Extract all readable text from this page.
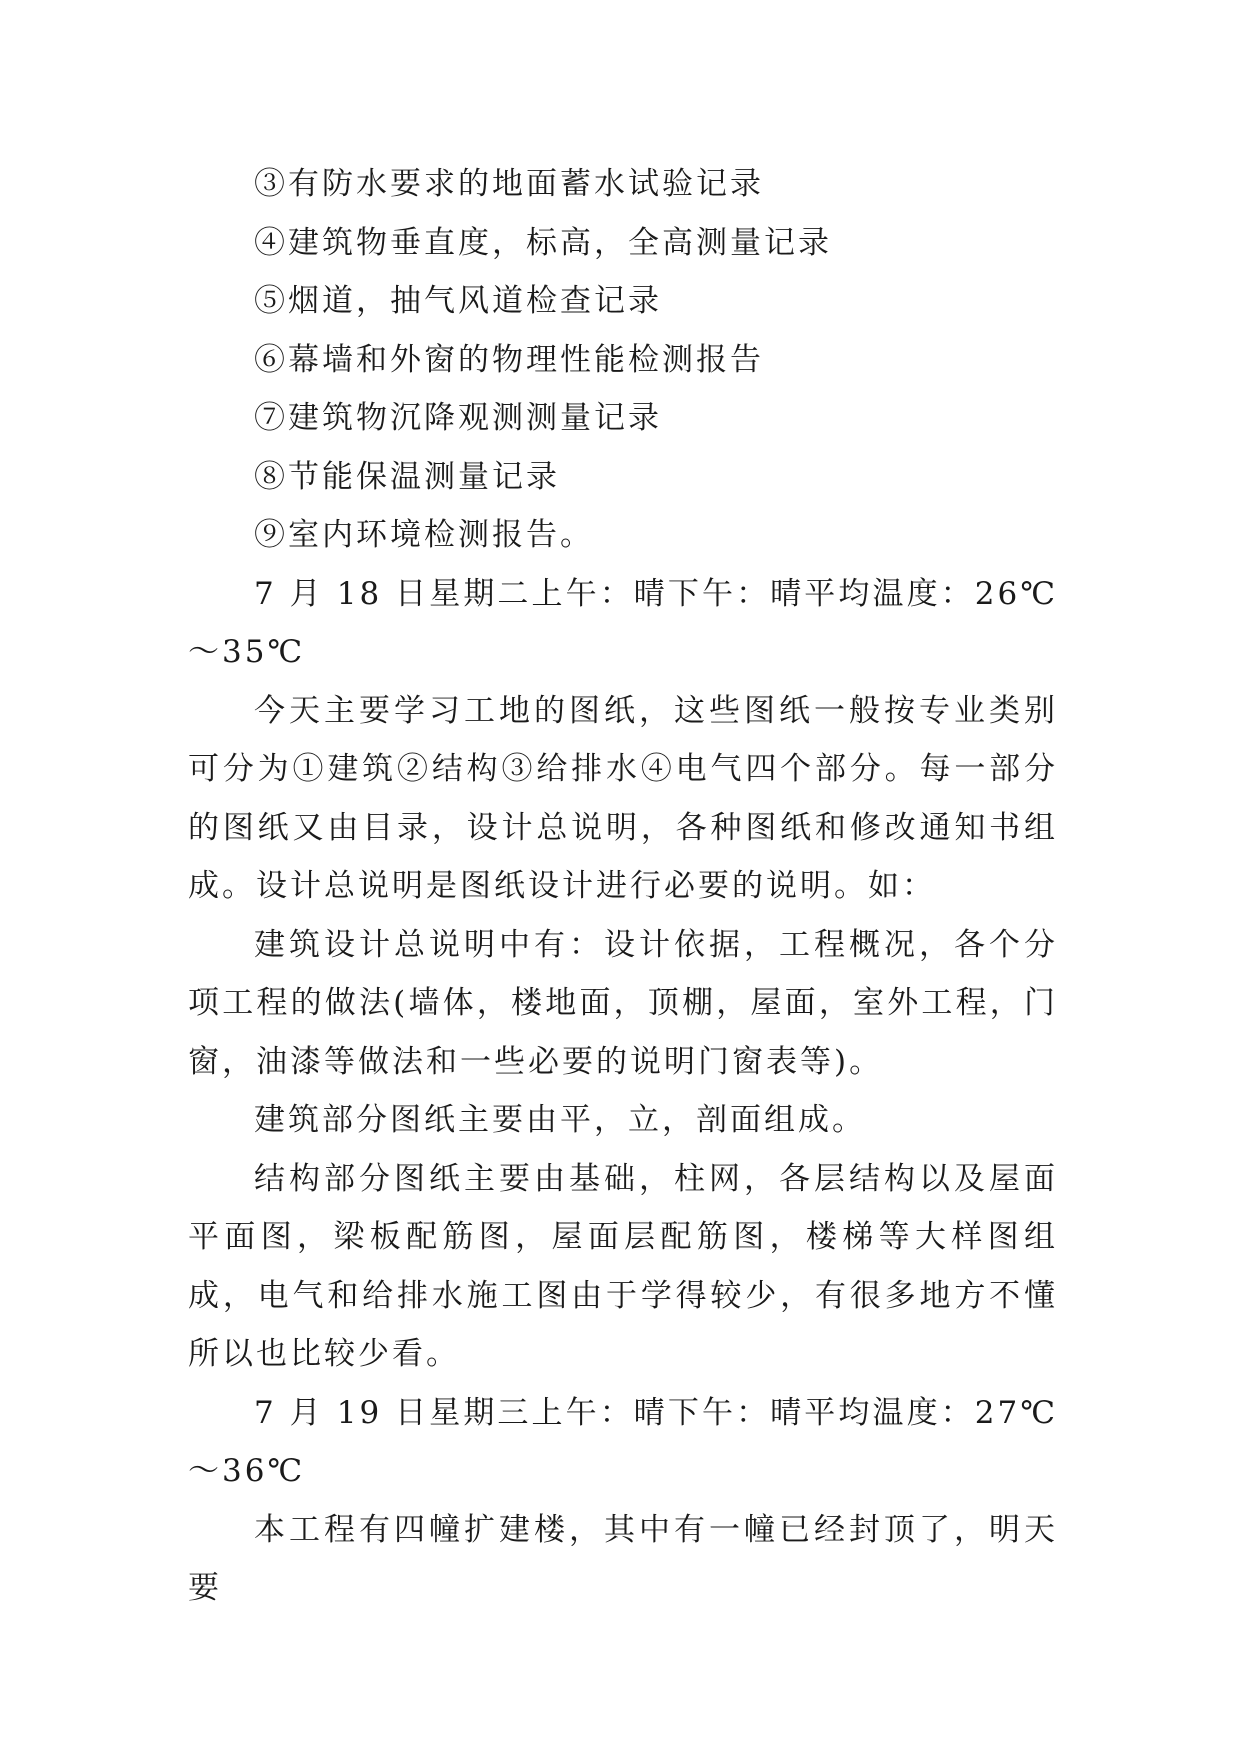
③有防水要求的地面蓄水试验记录

④建筑物垂直度，标高，全高测量记录

⑤烟道，抽气风道检查记录

⑥幕墙和外窗的物理性能检测报告

⑦建筑物沉降观测测量记录

⑧节能保温测量记录

⑨室内环境检测报告。

7 月 18 日星期二上午：晴下午：晴平均温度：26℃～35℃

今天主要学习工地的图纸，这些图纸一般按专业类别可分为①建筑②结构③给排水④电气四个部分。每一部分的图纸又由目录，设计总说明，各种图纸和修改通知书组成。设计总说明是图纸设计进行必要的说明。如：

建筑设计总说明中有：设计依据，工程概况，各个分项工程的做法(墙体，楼地面，顶棚，屋面，室外工程，门窗，油漆等做法和一些必要的说明门窗表等)。

建筑部分图纸主要由平，立，剖面组成。

结构部分图纸主要由基础，柱网，各层结构以及屋面平面图，梁板配筋图，屋面层配筋图，楼梯等大样图组成，电气和给排水施工图由于学得较少，有很多地方不懂所以也比较少看。

7 月 19 日星期三上午：晴下午：晴平均温度：27℃～36℃

本工程有四幢扩建楼，其中有一幢已经封顶了，明天要
